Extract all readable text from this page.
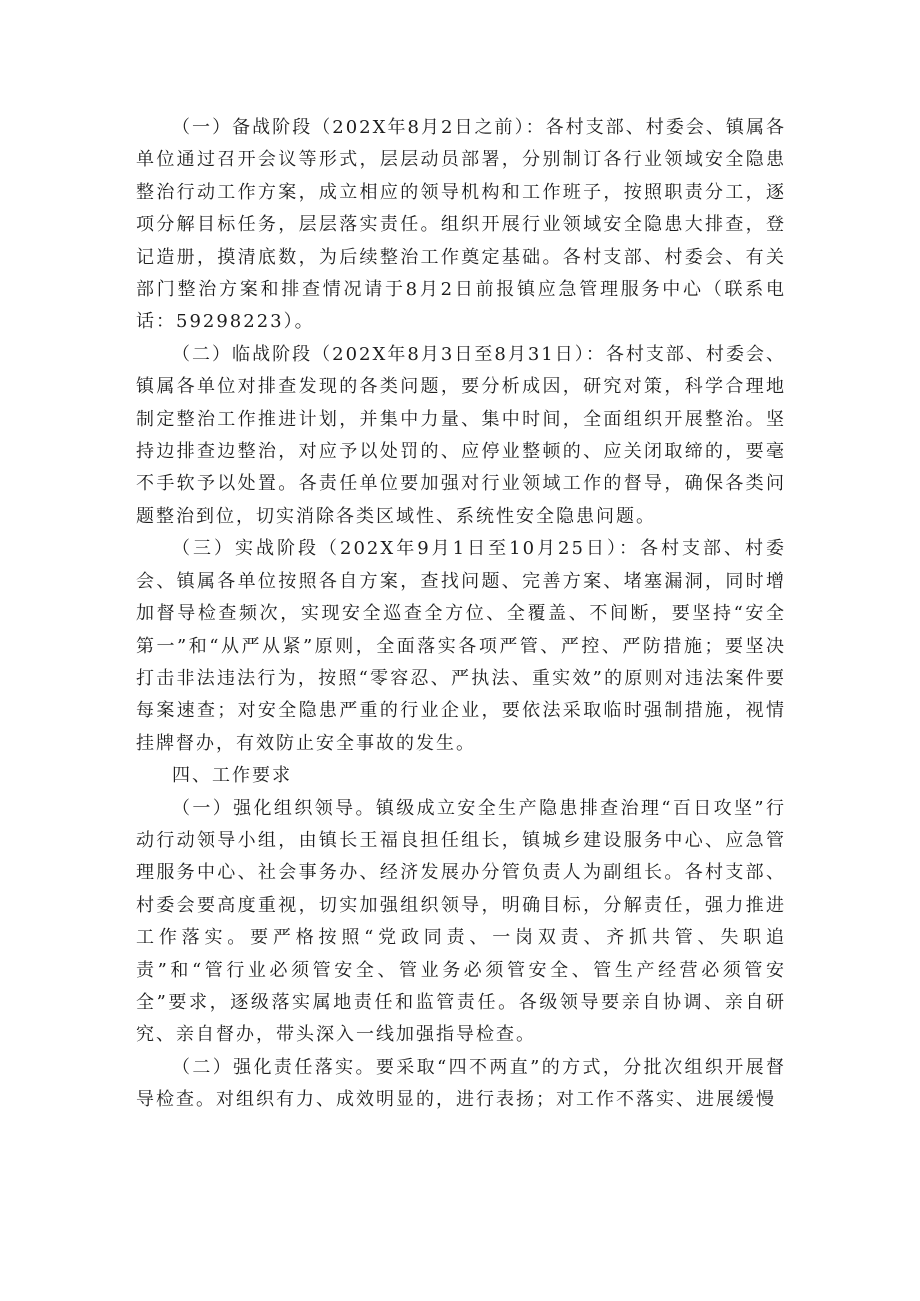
（一）备战阶段（202X年8月2日之前）：各村支部、村委会、镇属各单位通过召开会议等形式，层层动员部署，分别制订各行业领域安全隐患整治行动工作方案，成立相应的领导机构和工作班子，按照职责分工，逐项分解目标任务，层层落实责任。组织开展行业领域安全隐患大排查，登记造册，摸清底数，为后续整治工作奠定基础。各村支部、村委会、有关部门整治方案和排查情况请于8月2日前报镇应急管理服务中心（联系电话：59298223）。

（二）临战阶段（202X年8月3日至8月31日）：各村支部、村委会、镇属各单位对排查发现的各类问题，要分析成因，研究对策，科学合理地制定整治工作推进计划，并集中力量、集中时间，全面组织开展整治。坚持边排查边整治，对应予以处罚的、应停业整顿的、应关闭取缔的，要毫不手软予以处置。各责任单位要加强对行业领域工作的督导，确保各类问题整治到位，切实消除各类区域性、系统性安全隐患问题。

（三）实战阶段（202X年9月1日至10月25日）：各村支部、村委会、镇属各单位按照各自方案，查找问题、完善方案、堵塞漏洞，同时增加督导检查频次，实现安全巡查全方位、全覆盖、不间断，要坚持“安全第一”和“从严从紧”原则，全面落实各项严管、严控、严防措施；要坚决打击非法违法行为，按照“零容忍、严执法、重实效”的原则对违法案件要每案速查；对安全隐患严重的行业企业，要依法采取临时强制措施，视情挂牌督办，有效防止安全事故的发生。

四、工作要求

（一）强化组织领导。镇级成立安全生产隐患排查治理“百日攻坚”行动行动领导小组，由镇长王福良担任组长，镇城乡建设服务中心、应急管理服务中心、社会事务办、经济发展办分管负责人为副组长。各村支部、村委会要高度重视，切实加强组织领导，明确目标，分解责任，强力推进工作落实。要严格按照“党政同责、一岗双责、齐抓共管、失职追责”和“管行业必须管安全、管业务必须管安全、管生产经营必须管安全”要求，逐级落实属地责任和监管责任。各级领导要亲自协调、亲自研究、亲自督办，带头深入一线加强指导检查。

（二）强化责任落实。要采取“四不两直”的方式，分批次组织开展督导检查。对组织有力、成效明显的，进行表扬；对工作不落实、进展缓慢
